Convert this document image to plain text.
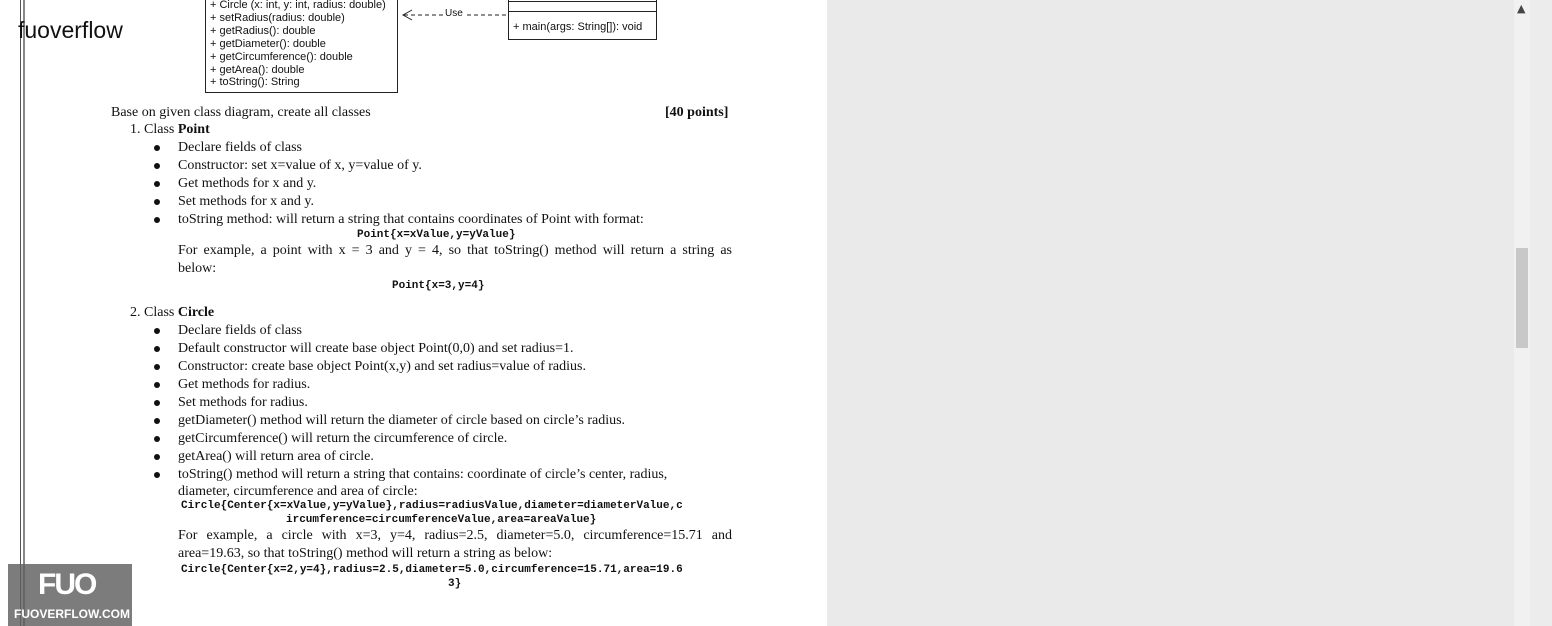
fuoverflow
+ Circle (x: int, y: int, radius: double)
+ setRadius(radius: double)
+ getRadius(): double
+ getDiameter(): double
+ getCircumference(): double
+ getArea(): double
+ toString(): String
Use
+ main(args: String[]): void
Base on given class diagram, create all classes	[40 points]
1. Class Point
Declare fields of class
Constructor: set x=value of x, y=value of y.
Get methods for x and y.
Set methods for x and y.
toString method: will return a string that contains coordinates of Point with format:
Point{x=xValue,y=yValue}
For example, a point with x = 3 and y = 4, so that toString() method will return a string as
below:
Point{x=3,y=4}
2. Class Circle
Declare fields of class
Default constructor will create base object Point(0,0) and set radius=1.
Constructor: create base object Point(x,y) and set radius=value of radius.
Get methods for radius.
Set methods for radius.
getDiameter() method will return the diameter of circle based on circle’s radius.
getCircumference() will return the circumference of circle.
getArea() will return area of circle.
toString() method will return a string that contains: coordinate of circle’s center, radius,
diameter, circumference and area of circle:
Circle{Center{x=xValue,y=yValue},radius=radiusValue,diameter=diameterValue,c
ircumference=circumferenceValue,area=areaValue}
For example, a circle with x=3, y=4, radius=2.5, diameter=5.0, circumference=15.71 and
area=19.63, so that toString() method will return a string as below:
Circle{Center{x=2,y=4},radius=2.5,diameter=5.0,circumference=15.71,area=19.6
3}
FUO
FUOVERFLOW.COM
▲
